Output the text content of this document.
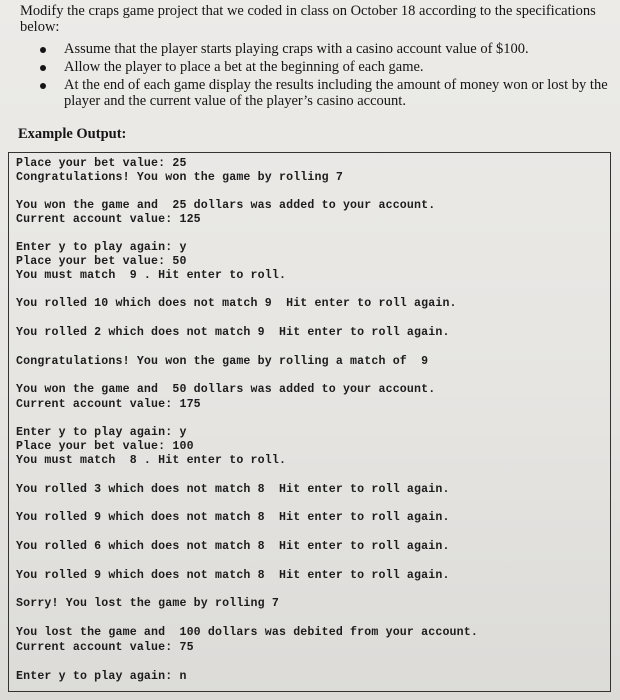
Modify the craps game project that we coded in class on October 18 according to the specifications below:
Assume that the player starts playing craps with a casino account value of $100.
Allow the player to place a bet at the beginning of each game.
At the end of each game display the results including the amount of money won or lost by the player and the current value of the player’s casino account.
Example Output:
Place your bet value: 25
Congratulations! You won the game by rolling 7
You won the game and  25 dollars was added to your account.
Current account value: 125
Enter y to play again: y
Place your bet value: 50
You must match  9 . Hit enter to roll.
You rolled 10 which does not match 9  Hit enter to roll again.
You rolled 2 which does not match 9  Hit enter to roll again.
Congratulations! You won the game by rolling a match of  9
You won the game and  50 dollars was added to your account.
Current account value: 175
Enter y to play again: y
Place your bet value: 100
You must match  8 . Hit enter to roll.
You rolled 3 which does not match 8  Hit enter to roll again.
You rolled 9 which does not match 8  Hit enter to roll again.
You rolled 6 which does not match 8  Hit enter to roll again.
You rolled 9 which does not match 8  Hit enter to roll again.
Sorry! You lost the game by rolling 7
You lost the game and  100 dollars was debited from your account.
Current account value: 75
Enter y to play again: n
